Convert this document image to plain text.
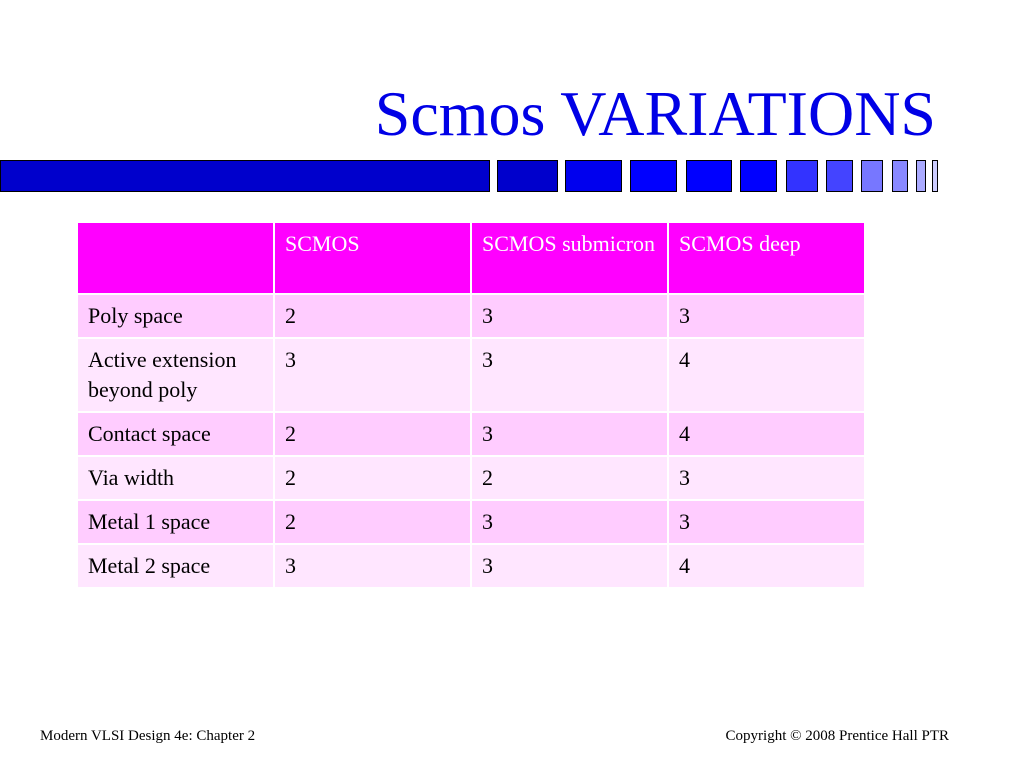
Scmos VARIATIONS
	SCMOS	SCMOS submicron	SCMOS deep
Poly space	2	3	3
Active extension beyond poly	3	3	4
Contact space	2	3	4
Via width	2	2	3
Metal 1 space	2	3	3
Metal 2 space	3	3	4
Modern VLSI Design 4e: Chapter 2	Copyright © 2008 Prentice Hall PTR
